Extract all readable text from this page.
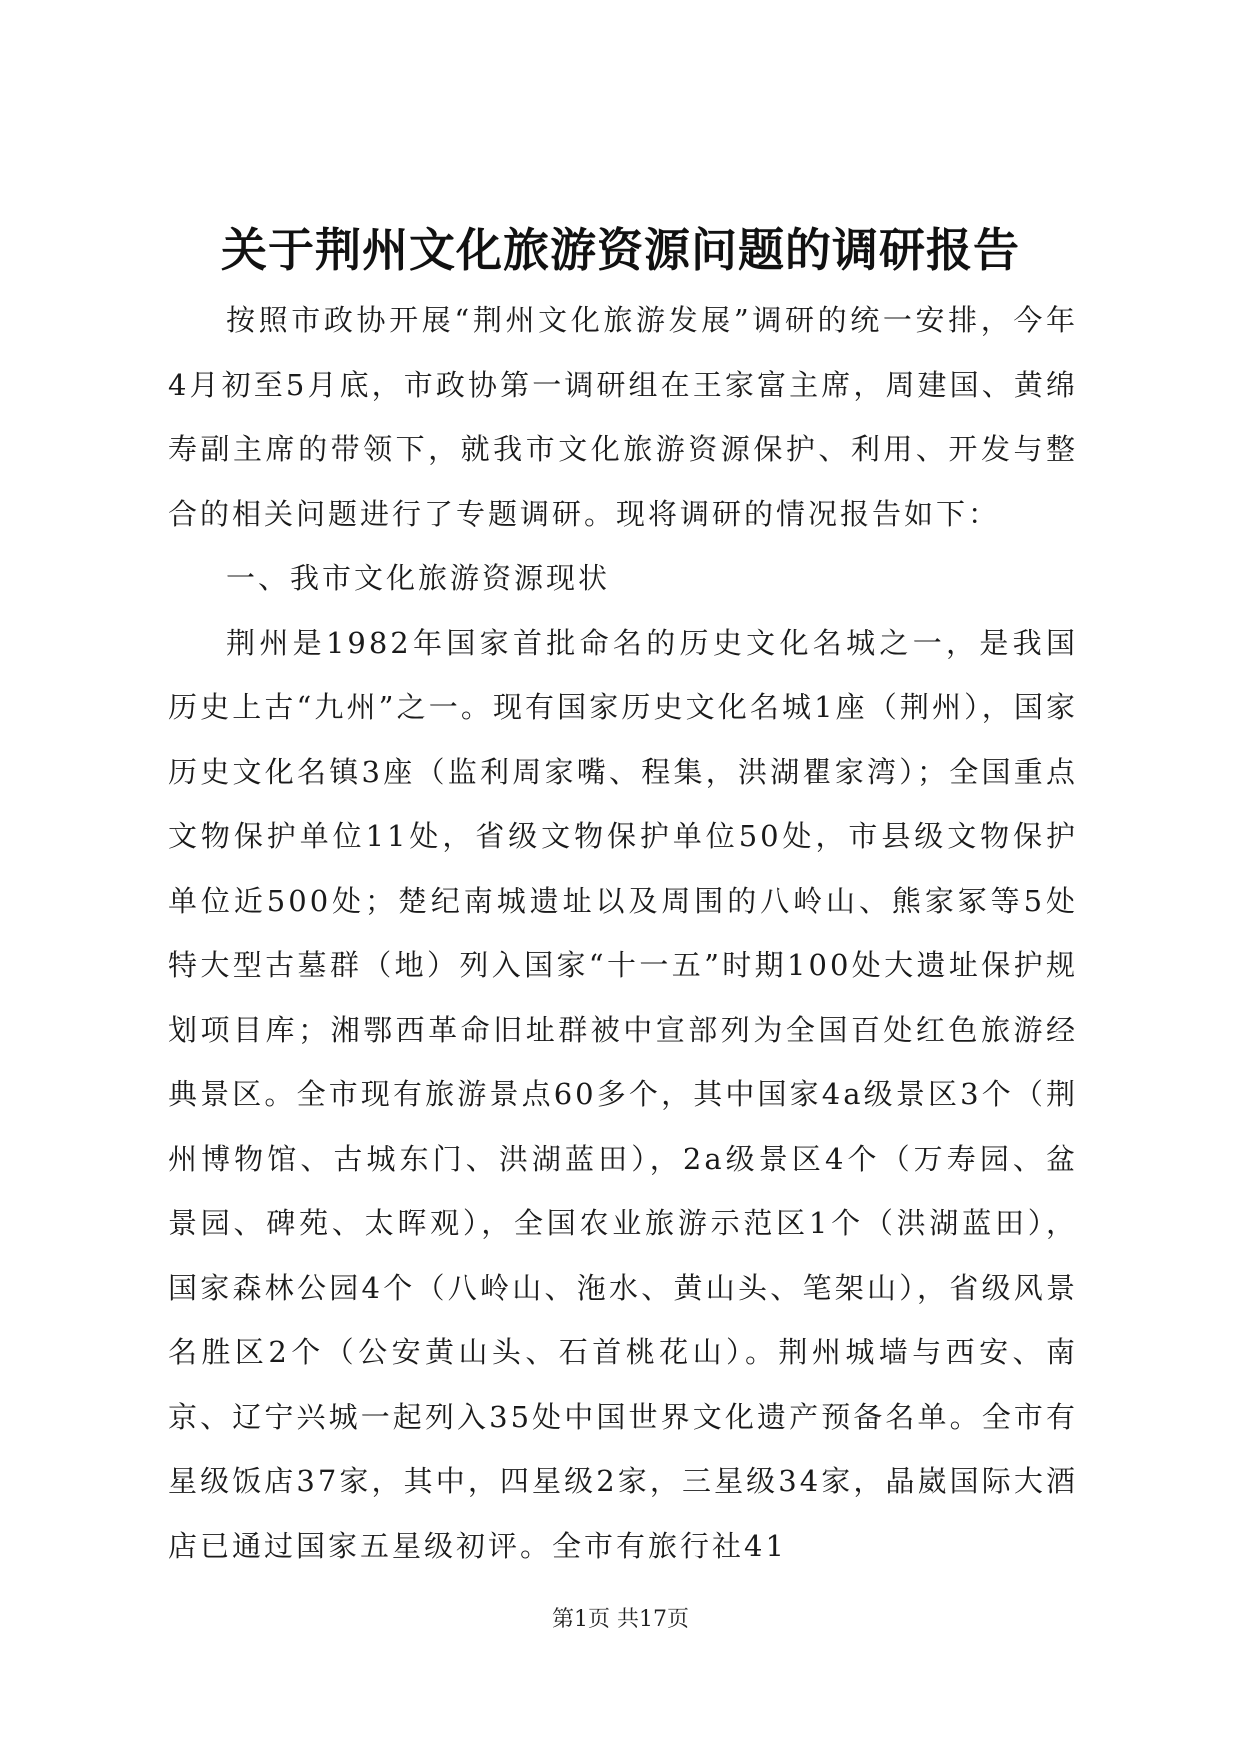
关于荆州文化旅游资源问题的调研报告

按照市政协开展“荆州文化旅游发展”调研的统一安排，今年4月初至5月底，市政协第一调研组在王家富主席，周建国、黄绵寿副主席的带领下，就我市文化旅游资源保护、利用、开发与整合的相关问题进行了专题调研。现将调研的情况报告如下：

一、我市文化旅游资源现状

荆州是1982年国家首批命名的历史文化名城之一，是我国历史上古“九州”之一。现有国家历史文化名城1座（荆州），国家历史文化名镇3座（监利周家嘴、程集，洪湖瞿家湾）；全国重点文物保护单位11处，省级文物保护单位50处，市县级文物保护单位近500处；楚纪南城遗址以及周围的八岭山、熊家冢等5处特大型古墓群（地）列入国家“十一五”时期100处大遗址保护规划项目库；湘鄂西革命旧址群被中宣部列为全国百处红色旅游经典景区。全市现有旅游景点60多个，其中国家4a级景区3个（荆州博物馆、古城东门、洪湖蓝田），2a级景区4个（万寿园、盆景园、碑苑、太晖观），全国农业旅游示范区1个（洪湖蓝田），国家森林公园4个（八岭山、沲水、黄山头、笔架山），省级风景名胜区2个（公安黄山头、石首桃花山）。荆州城墙与西安、南京、辽宁兴城一起列入35处中国世界文化遗产预备名单。全市有星级饭店37家，其中，四星级2家，三星级34家，晶崴国际大酒店已通过国家五星级初评。全市有旅行社41

第1页 共17页
